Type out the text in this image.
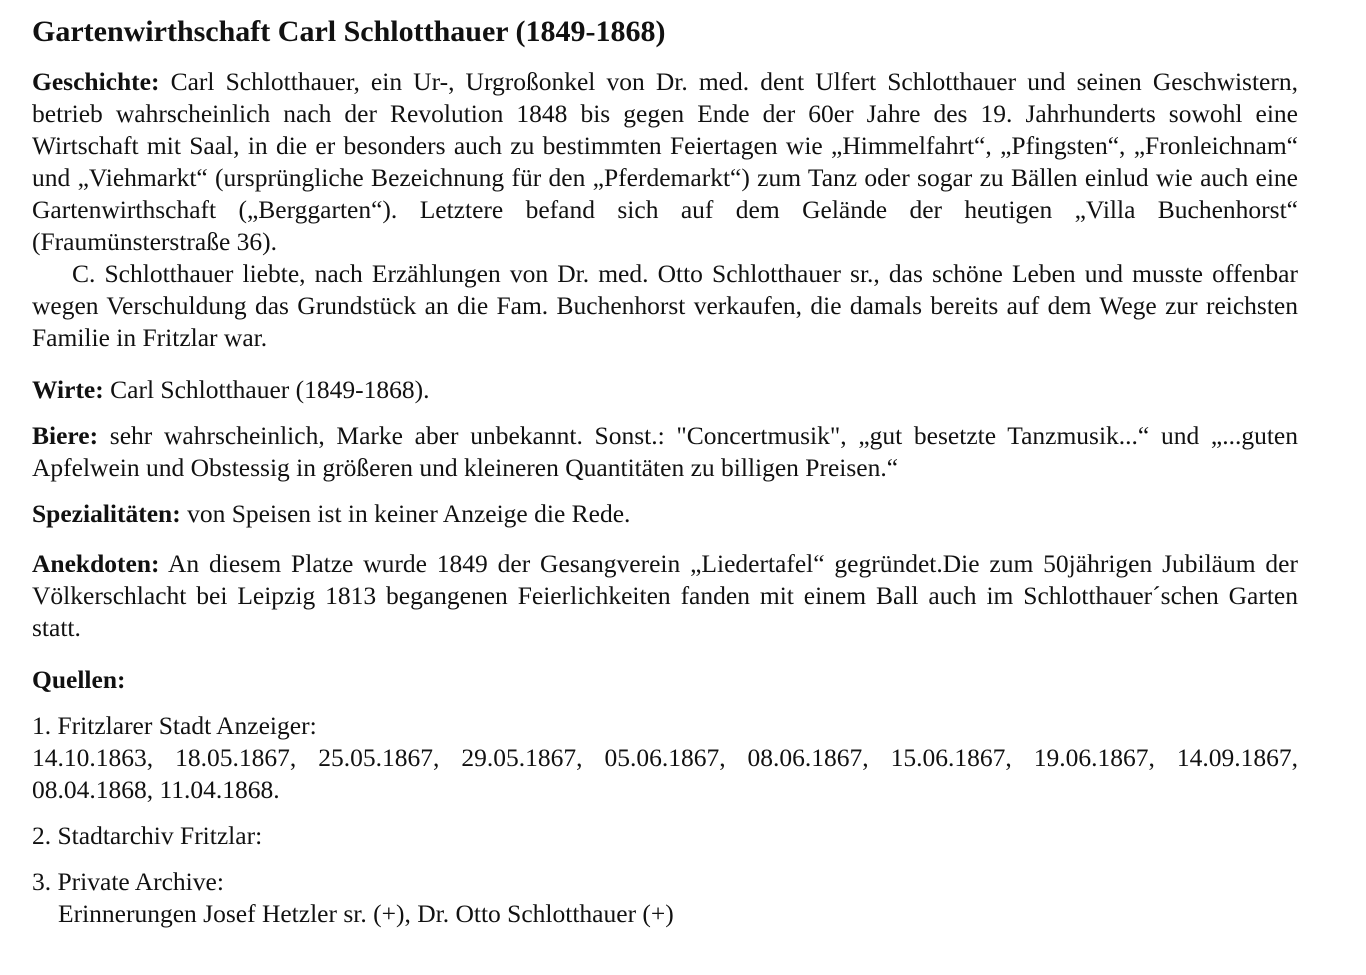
Gartenwirthschaft Carl Schlotthauer (1849-1868)

Geschichte: Carl Schlotthauer, ein Ur-, Urgroßonkel von Dr. med. dent Ulfert Schlotthauer und seinen Geschwistern, betrieb wahrscheinlich nach der Revolution 1848 bis gegen Ende der 60er Jahre des 19. Jahrhunderts sowohl eine Wirtschaft mit Saal, in die er besonders auch zu bestimmten Feiertagen wie „Himmelfahrt“, „Pfingsten“, „Fronleichnam“ und „Viehmarkt“ (ursprüngliche Bezeichnung für den „Pferdemarkt“) zum Tanz oder sogar zu Bällen einlud wie auch eine Gartenwirthschaft („Berggarten“). Letztere befand sich auf dem Gelände der heutigen „Villa Buchenhorst“ (Fraumünsterstraße 36).

C. Schlotthauer liebte, nach Erzählungen von Dr. med. Otto Schlotthauer sr., das schöne Leben und musste offenbar wegen Verschuldung das Grundstück an die Fam. Buchenhorst verkaufen, die damals bereits auf dem Wege zur reichsten Familie in Fritzlar war.

Wirte: Carl Schlotthauer (1849-1868).

Biere: sehr wahrscheinlich, Marke aber unbekannt. Sonst.: "Concertmusik", „gut besetzte Tanzmusik...“ und „...guten Apfelwein und Obstessig in größeren und kleineren Quantitäten zu billigen Preisen.“

Spezialitäten: von Speisen ist in keiner Anzeige die Rede.

Anekdoten: An diesem Platze wurde 1849 der Gesangverein „Liedertafel“ gegründet.Die zum 50jährigen Jubiläum der Völkerschlacht bei Leipzig 1813 begangenen Feierlichkeiten fanden mit einem Ball auch im Schlotthauer´schen Garten statt.

Quellen:

1. Fritzlarer Stadt Anzeiger:

14.10.1863, 18.05.1867, 25.05.1867, 29.05.1867, 05.06.1867, 08.06.1867, 15.06.1867, 19.06.1867, 14.09.1867,

08.04.1868, 11.04.1868.

2. Stadtarchiv Fritzlar:

3. Private Archive:

Erinnerungen Josef Hetzler sr. (+), Dr. Otto Schlotthauer (+)
